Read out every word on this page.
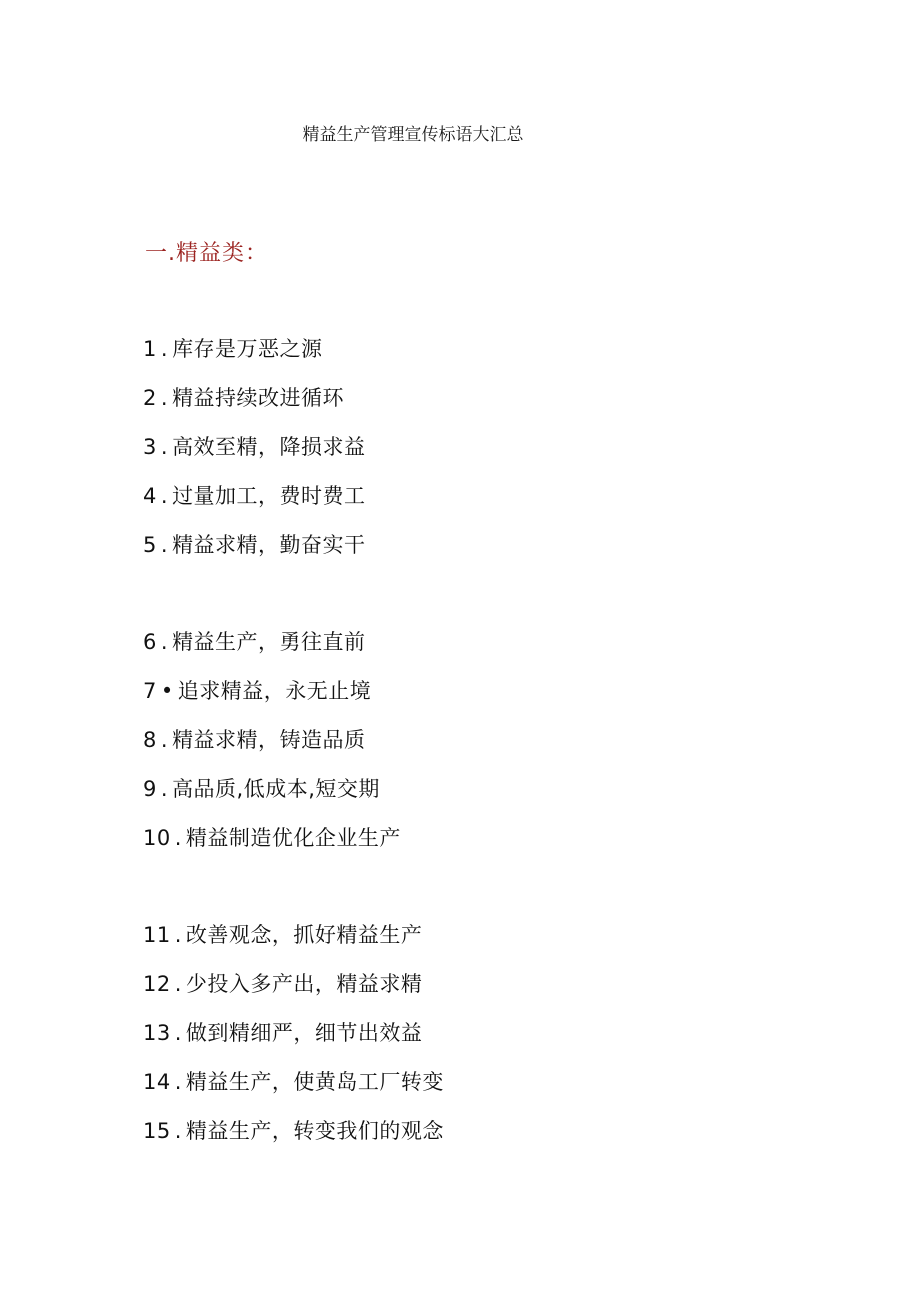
精益生产管理宣传标语大汇总
一.精益类：
1 . 库存是万恶之源
2 . 精益持续改进循环
3 . 高效至精，降损求益
4 . 过量加工，费时费工
5 . 精益求精，勤奋实干
6 . 精益生产，勇往直前
7 • 追求精益，永无止境
8 . 精益求精，铸造品质
9 . 高品质,低成本,短交期
10 . 精益制造优化企业生产
11 . 改善观念，抓好精益生产
12 . 少投入多产出，精益求精
13 . 做到精细严，细节出效益
14 . 精益生产，使黄岛工厂转变
15 . 精益生产，转变我们的观念
